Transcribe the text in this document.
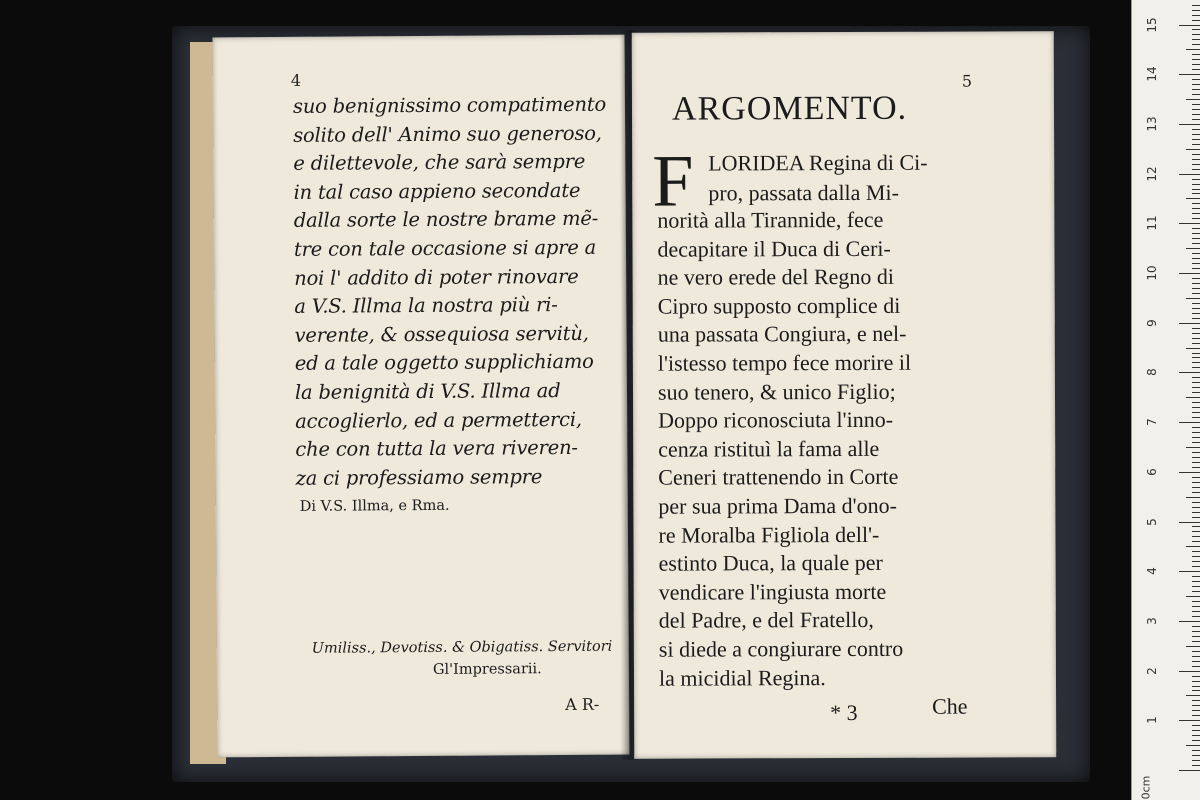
4
suo benignissimo compatimento
solito dell' Animo suo generoso,
e dilettevole, che sarà sempre
in tal caso appieno secondate
dalla sorte le nostre brame mẽ-
tre con tale occasione si apre a
noi l' addito di poter rinovare
a V.S. Illma la nostra più ri-
verente, & ossequiosa servitù,
ed a tale oggetto supplichiamo
la benignità di V.S. Illma ad
accoglierlo, ed a permetterci,
che con tutta la vera riveren-
za ci professiamo sempre
Di V.S. Illma, e Rma.
Umiliss., Devotiss. & Obigatiss. Servitori
Gl'Impressarii.
A R-
5
ARGOMENTO.
F LORIDEA Regina di Ci-
pro, passata dalla Mi-
norità alla Tirannide, fece
decapitare il Duca di Ceri-
ne vero erede del Regno di
Cipro supposto complice di
una passata Congiura, e nel-
l'istesso tempo fece morire il
suo tenero, & unico Figlio;
Doppo riconosciuta l'inno-
cenza ristituì la fama alle
Ceneri trattenendo in Corte
per sua prima Dama d'ono-
re Moralba Figliola dell'-
estinto Duca, la quale per
vendicare l'ingiusta morte
del Padre, e del Fratello,
si diede a congiurare contro
la micidial Regina.
* 3	Che
0cm
1
2
3
4
5
6
7
8
9
10
11
12
13
14
15
